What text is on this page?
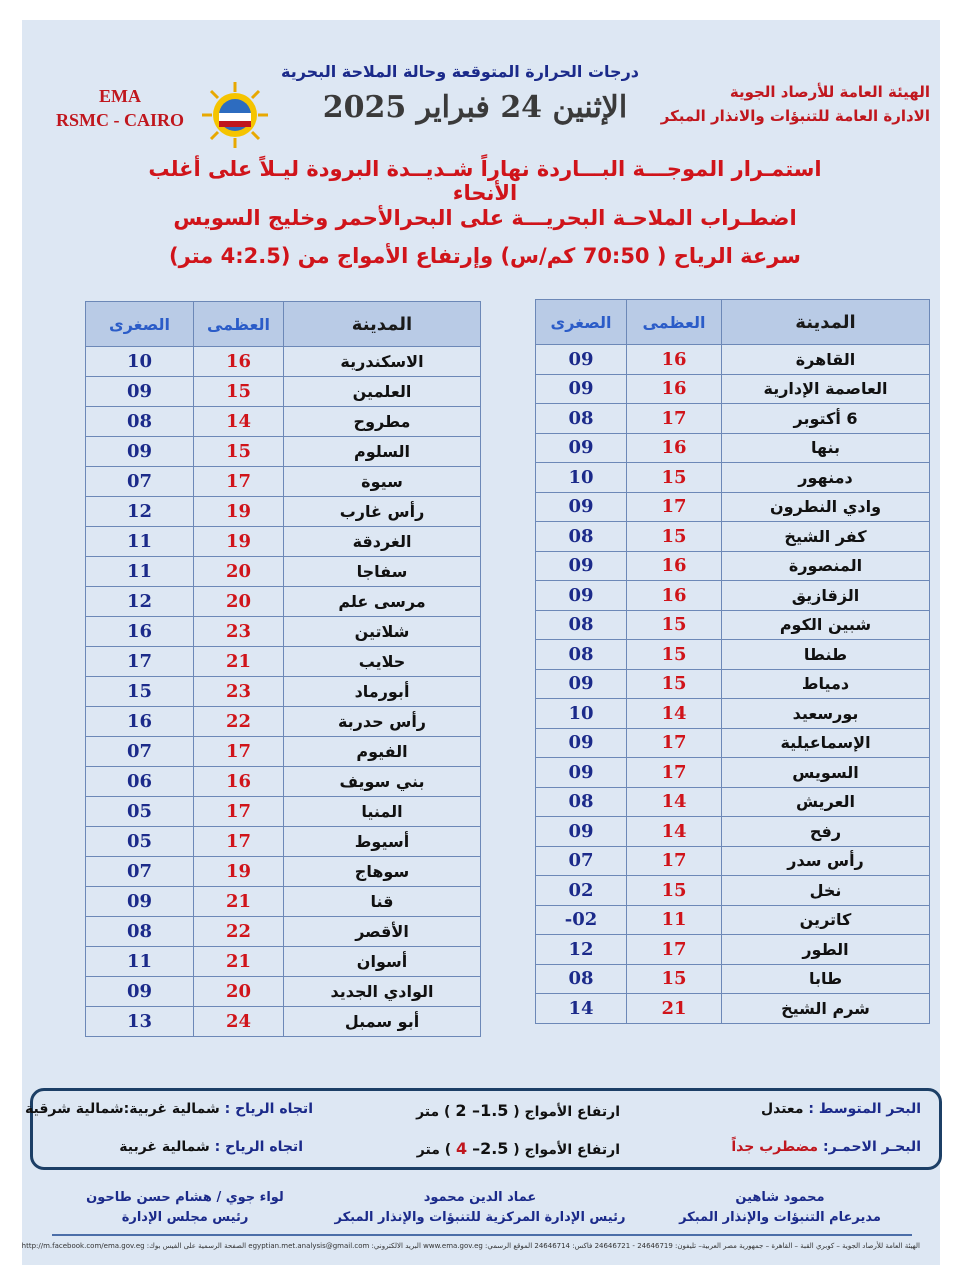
درجات الحرارة المتوقعة وحالة الملاحة البحرية
الإثنين 24 فبراير 2025
EMA
RSMC - CAIRO
الهيئة العامة للأرصاد الجوية
الادارة العامة للتنبؤات والانذار المبكر
استمـرار الموجـــة البـــاردة نهاراً شـديــدة البرودة ليـلاً على أغلب الأنحاء
اضطـراب الملاحـة البحريـــة على البحرالأحمر وخليج السويس
سرعة الرياح ( 70:50 كم/س) وإرتفاع الأمواج من (4:2.5 متر)
الصغرى	العظمى	المدينة
09	16	القاهرة
09	16	العاصمة الإدارية
08	17	6 أكتوبر
09	16	بنها
10	15	دمنهور
09	17	وادي النطرون
08	15	كفر الشيخ
09	16	المنصورة
09	16	الزقازيق
08	15	شبين الكوم
08	15	طنطا
09	15	دمياط
10	14	بورسعيد
09	17	الإسماعيلية
09	17	السويس
08	14	العريش
09	14	رفح
07	17	رأس سدر
02	15	نخل
-02	11	كاترين
12	17	الطور
08	15	طابا
14	21	شرم الشيخ
الصغرى	العظمى	المدينة
10	16	الاسكندرية
09	15	العلمين
08	14	مطروح
09	15	السلوم
07	17	سيوة
12	19	رأس غارب
11	19	الغردقة
11	20	سفاجا
12	20	مرسى علم
16	23	شلاتين
17	21	حلايب
15	23	أبورماد
16	22	رأس حدربة
07	17	الفيوم
06	16	بني سويف
05	17	المنيا
05	17	أسيوط
07	19	سوهاج
09	21	قنا
08	22	الأقصر
11	21	أسوان
09	20	الوادي الجديد
13	24	أبو سمبل
البحر المتوسط : معتدل
ارتفاع الأمواج ( 1.5– 2 ) متر
اتجاه الرياح : شمالية غربية:شمالية شرقية
البحـر الاحمـر: مضطرب جداً
ارتفاع الأمواج ( 2.5– 4 ) متر
اتجاه الرياح : شمالية غربية
محمود شاهين
مديرعام التنبؤات والإنذار المبكر
عماد الدين محمود
رئيس الإدارة المركزية للتنبؤات والإنذار المبكر
لواء جوي / هشام حسن طاحون
رئيس مجلس الإدارة
الهيئة العامة للأرصاد الجوية – كوبري القبة – القاهرة – جمهورية مصر العربية– تليفون: 24646719 - 24646721 فاكس: 24646714 الموقع الرسمي: www.ema.gov.eg البريد الالكتروني: egyptian.met.analysis@gmail.com الصفحة الرسمية على الفيس بوك: http://m.facebook.com/ema.gov.eg
